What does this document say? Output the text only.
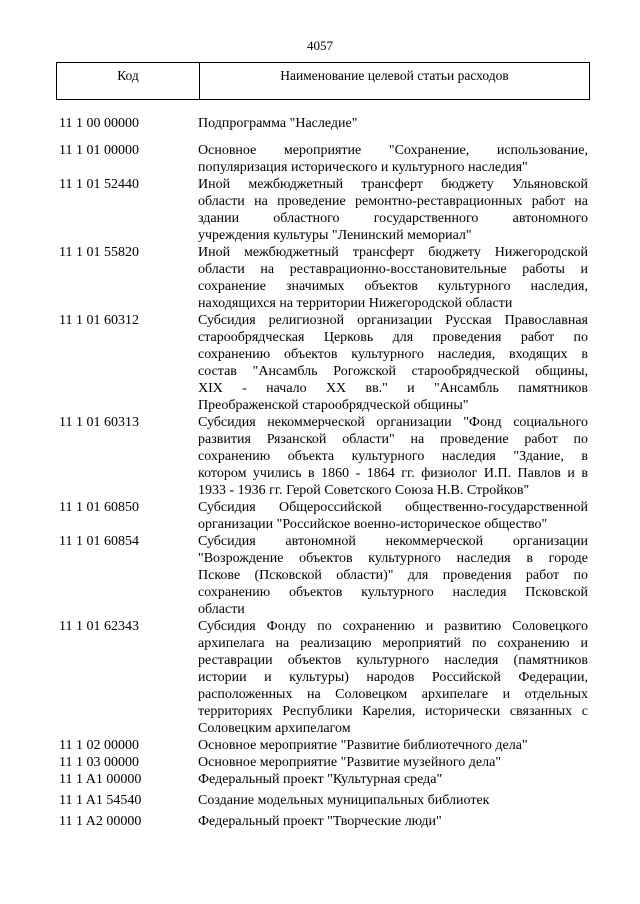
4057
Код	Наименование целевой статьи расходов
11 1 00 00000	Подпрограмма "Наследие"
11 1 01 00000	Основное мероприятие "Сохранение, использование,
популяризация исторического и культурного наследия"
11 1 01 52440	Иной межбюджетный трансферт бюджету Ульяновской
области на проведение ремонтно-реставрационных работ на
здании областного государственного автономного
учреждения культуры "Ленинский мемориал"
11 1 01 55820	Иной межбюджетный трансферт бюджету Нижегородской
области на реставрационно-восстановительные работы и
сохранение значимых объектов культурного наследия,
находящихся на территории Нижегородской области
11 1 01 60312	Субсидия религиозной организации Русская Православная
старообрядческая Церковь для проведения работ по
сохранению объектов культурного наследия, входящих в
состав "Ансамбль Рогожской старообрядческой общины,
XIX - начало XX вв." и "Ансамбль памятников
Преображенской старообрядческой общины"
11 1 01 60313	Субсидия некоммерческой организации "Фонд социального
развития Рязанской области" на проведение работ по
сохранению объекта культурного наследия "Здание, в
котором учились в 1860 - 1864 гг. физиолог И.П. Павлов и в
1933 - 1936 гг. Герой Советского Союза Н.В. Стройков"
11 1 01 60850	Субсидия Общероссийской общественно-государственной
организации "Российское военно-историческое общество"
11 1 01 60854	Субсидия автономной некоммерческой организации
"Возрождение объектов культурного наследия в городе
Пскове (Псковской области)" для проведения работ по
сохранению объектов культурного наследия Псковской
области
11 1 01 62343	Субсидия Фонду по сохранению и развитию Соловецкого
архипелага на реализацию мероприятий по сохранению и
реставрации объектов культурного наследия (памятников
истории и культуры) народов Российской Федерации,
расположенных на Соловецком архипелаге и отдельных
территориях Республики Карелия, исторически связанных с
Соловецким архипелагом
11 1 02 00000	Основное мероприятие "Развитие библиотечного дела"
11 1 03 00000	Основное мероприятие "Развитие музейного дела"
11 1 A1 00000	Федеральный проект "Культурная среда"
11 1 A1 54540	Создание модельных муниципальных библиотек
11 1 A2 00000	Федеральный проект "Творческие люди"
